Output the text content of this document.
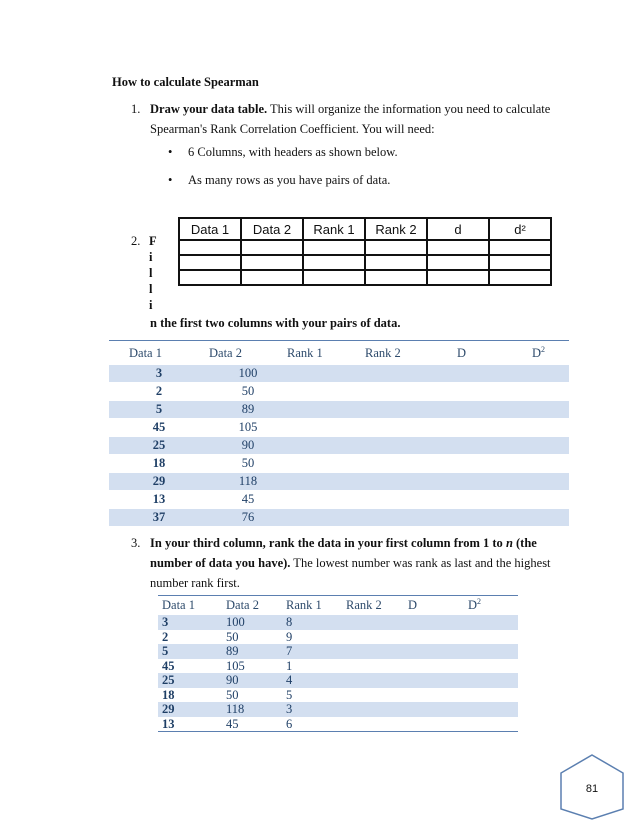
How to calculate Spearman
1. Draw your data table. This will organize the information you need to calculate
Spearman's Rank Correlation Coefficient. You will need:
• 6 Columns, with headers as shown below.
• As many rows as you have pairs of data.
Data 1	Data 2	Rank 1	Rank 2	d	d²

2. F
i
l
l
i
n the first two columns with your pairs of data.
Data 1	Data 2	Rank 1	Rank 2	D	$D^2$
3	100				
2	50				
5	89				
45	105				
25	90				
18	50				
29	118				
13	45				
37	76				
3. In your third column, rank the data in your first column from 1 to n (the
number of data you have). The lowest number was rank as last and the highest
number rank first.
Data 1	Data 2	Rank 1	Rank 2	D	$D^2$
3	100	8			
2	50	9			
5	89	7			
45	105	1			
25	90	4			
18	50	5			
29	118	3			
13	45	6			
81
